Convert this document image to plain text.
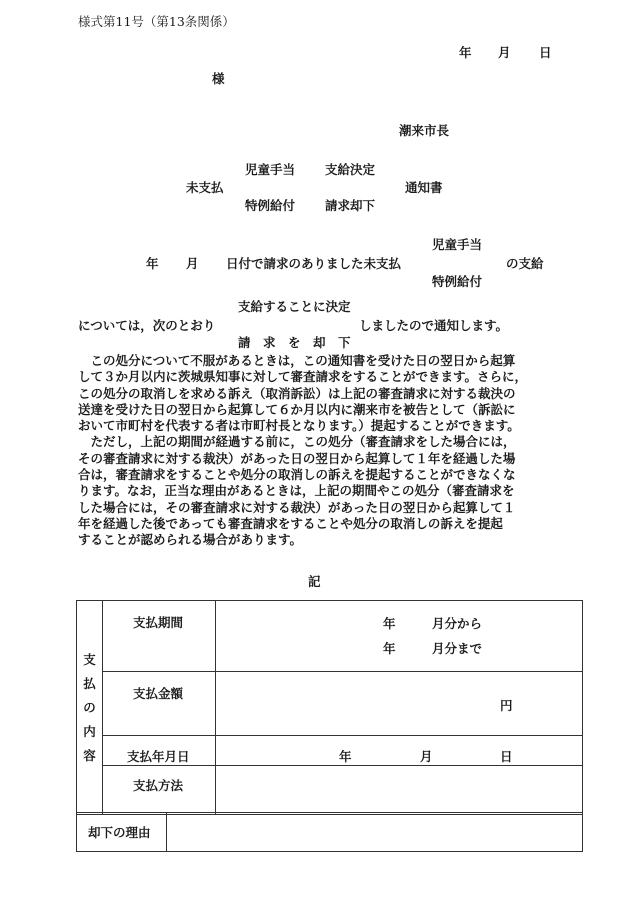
様式第11号（第13条関係）
年 月 日
様
潮来市長
児童手当
未支払
特例給付
支給決定
請求却下
通知書
児童手当
年 月 日付で請求のありました未支払	の支給
特例給付
支給することに決定
については，次のとおり	しましたので通知します。
請　求　を　却　下
　この処分について不服があるときは，この通知書を受けた日の翌日から起算
して３か月以内に茨城県知事に対して審査請求をすることができます。さらに，
この処分の取消しを求める訴え（取消訴訟）は上記の審査請求に対する裁決の
送達を受けた日の翌日から起算して６か月以内に潮来市を被告として（訴訟に
おいて市町村を代表する者は市町村長となります。）提起することができます。
　ただし，上記の期間が経過する前に，この処分（審査請求をした場合には，
その審査請求に対する裁決）があった日の翌日から起算して１年を経過した場
合は，審査請求をすることや処分の取消しの訴えを提起することができなくな
ります。なお，正当な理由があるときは，上記の期間やこの処分（審査請求を
した場合には，その審査請求に対する裁決）があった日の翌日から起算して１
年を経過した後であっても審査請求をすることや処分の取消しの訴えを提起
することが認められる場合があります。
記
支
払
の
内
容	支払期間	年 月分から
年 月分まで

	支払金額	円

	支払年月日	年 月 日

	支払方法	

却下の理由
